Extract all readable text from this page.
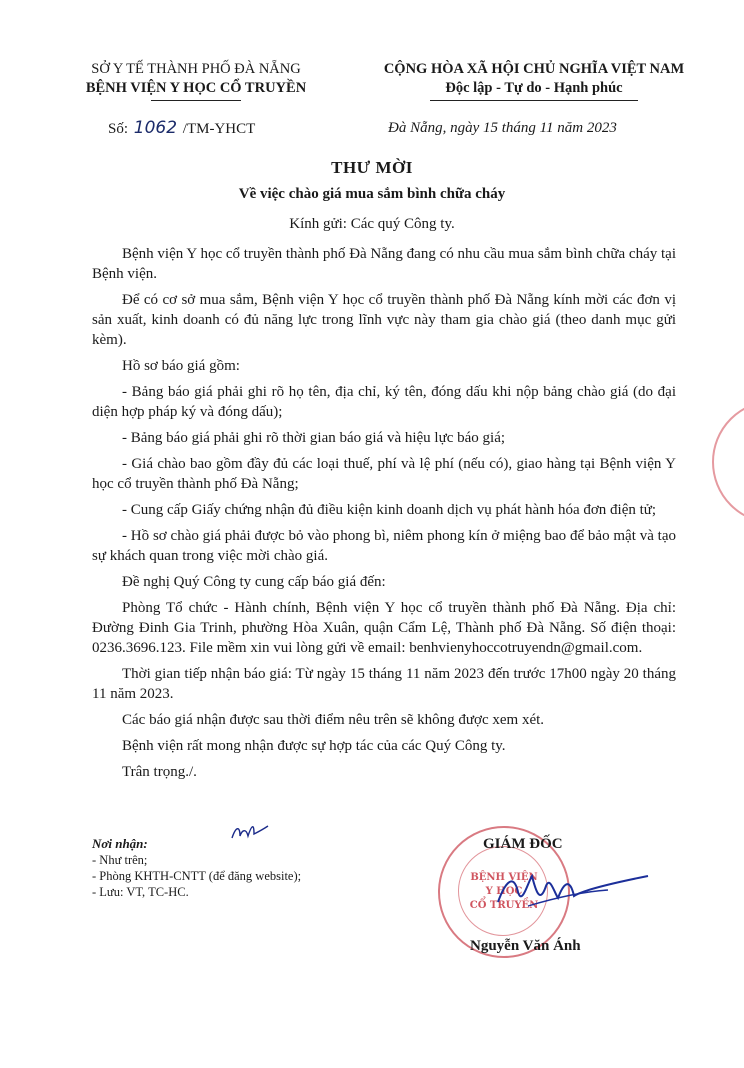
SỞ Y TẾ THÀNH PHỐ ĐÀ NẴNG
BỆNH VIỆN Y HỌC CỔ TRUYỀN
CỘNG HÒA XÃ HỘI CHỦ NGHĨA VIỆT NAM
Độc lập - Tự do - Hạnh phúc
Số: 1062 /TM-YHCT	Đà Nẵng, ngày 15 tháng 11 năm 2023
THƯ MỜI
Về việc chào giá mua sắm bình chữa cháy
Kính gửi: Các quý Công ty.

Bệnh viện Y học cổ truyền thành phố Đà Nẵng đang có nhu cầu mua sắm bình chữa cháy tại Bệnh viện.

Để có cơ sở mua sắm, Bệnh viện Y học cổ truyền thành phố Đà Nẵng kính mời các đơn vị sản xuất, kinh doanh có đủ năng lực trong lĩnh vực này tham gia chào giá (theo danh mục gửi kèm).

Hồ sơ báo giá gồm:

- Bảng báo giá phải ghi rõ họ tên, địa chỉ, ký tên, đóng dấu khi nộp bảng chào giá (do đại diện hợp pháp ký và đóng dấu);

- Bảng báo giá phải ghi rõ thời gian báo giá và hiệu lực báo giá;

- Giá chào bao gồm đầy đủ các loại thuế, phí và lệ phí (nếu có), giao hàng tại Bệnh viện Y học cổ truyền thành phố Đà Nẵng;

- Cung cấp Giấy chứng nhận đủ điều kiện kinh doanh dịch vụ phát hành hóa đơn điện tử;

- Hồ sơ chào giá phải được bỏ vào phong bì, niêm phong kín ở miệng bao để bảo mật và tạo sự khách quan trong việc mời chào giá.

Đề nghị Quý Công ty cung cấp báo giá đến:

Phòng Tổ chức - Hành chính, Bệnh viện Y học cổ truyền thành phố Đà Nẵng. Địa chỉ: Đường Đinh Gia Trinh, phường Hòa Xuân, quận Cẩm Lệ, Thành phố Đà Nẵng. Số điện thoại: 0236.3696.123. File mềm xin vui lòng gửi về email: benhvienyhoccotruyendn@gmail.com.

Thời gian tiếp nhận báo giá: Từ ngày 15 tháng 11 năm 2023 đến trước 17h00 ngày 20 tháng 11 năm 2023.

Các báo giá nhận được sau thời điểm nêu trên sẽ không được xem xét.

Bệnh viện rất mong nhận được sự hợp tác của các Quý Công ty.

Trân trọng./.

Nơi nhận:
- Như trên;
- Phòng KHTH-CNTT (để đăng website);
- Lưu: VT, TC-HC.
BỆNH VIỆN
Y HỌC
CỔ TRUYỀN
GIÁM ĐỐC
Nguyễn Văn Ánh
